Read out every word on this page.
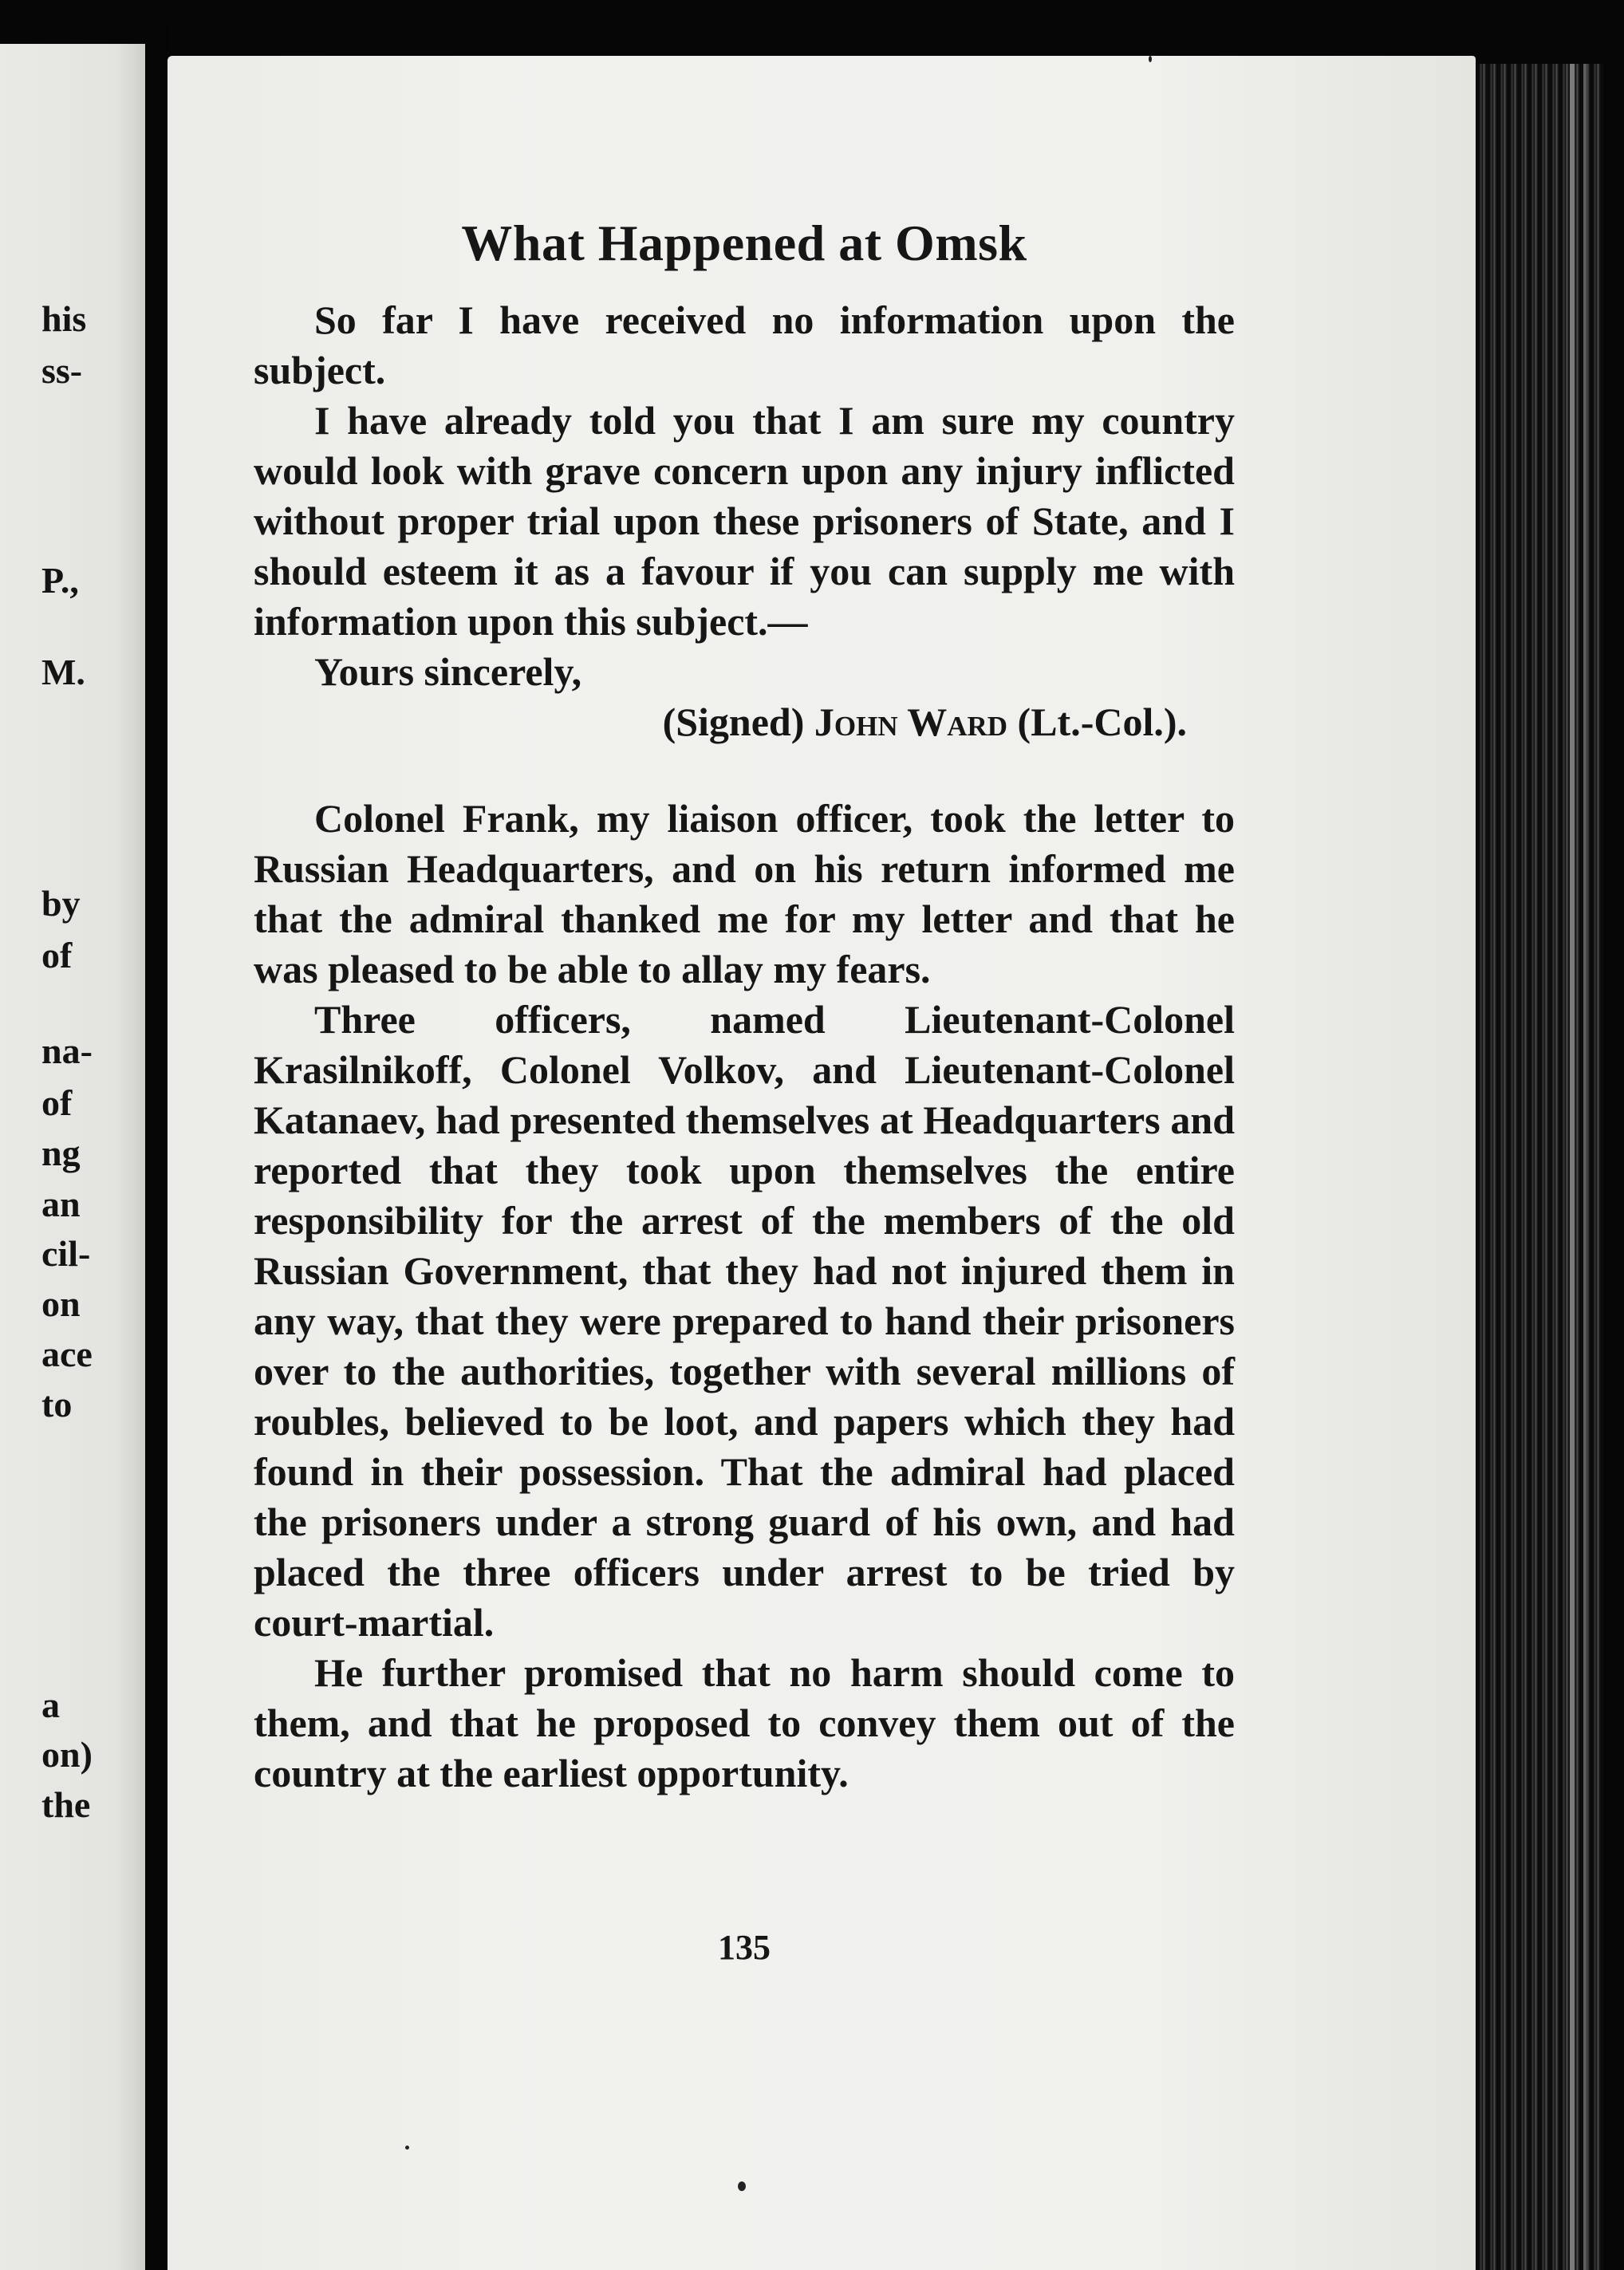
his
ss-
P.,
M.
by
of
na-
of
ng
an
cil-
on
ace
to
a
on)
the
What Happened at Omsk

So far I have received no information upon the subject.

I have already told you that I am sure my country would look with grave concern upon any injury inflicted without proper trial upon these prisoners of State, and I should esteem it as a favour if you can supply me with information upon this subject.—

Yours sincerely,

(Signed) John Ward (Lt.-Col.).

Colonel Frank, my liaison officer, took the letter to Russian Headquarters, and on his return informed me that the admiral thanked me for my letter and that he was pleased to be able to allay my fears.

Three officers, named Lieutenant-Colonel Krasilnikoff, Colonel Volkov, and Lieutenant-Colonel Katanaev, had presented themselves at Headquarters and reported that they took upon themselves the entire responsibility for the arrest of the members of the old Russian Government, that they had not injured them in any way, that they were prepared to hand their prisoners over to the authorities, together with several millions of roubles, believed to be loot, and papers which they had found in their possession. That the admiral had placed the prisoners under a strong guard of his own, and had placed the three officers under arrest to be tried by court-martial.

He further promised that no harm should come to them, and that he proposed to convey them out of the country at the earliest opportunity.

135
